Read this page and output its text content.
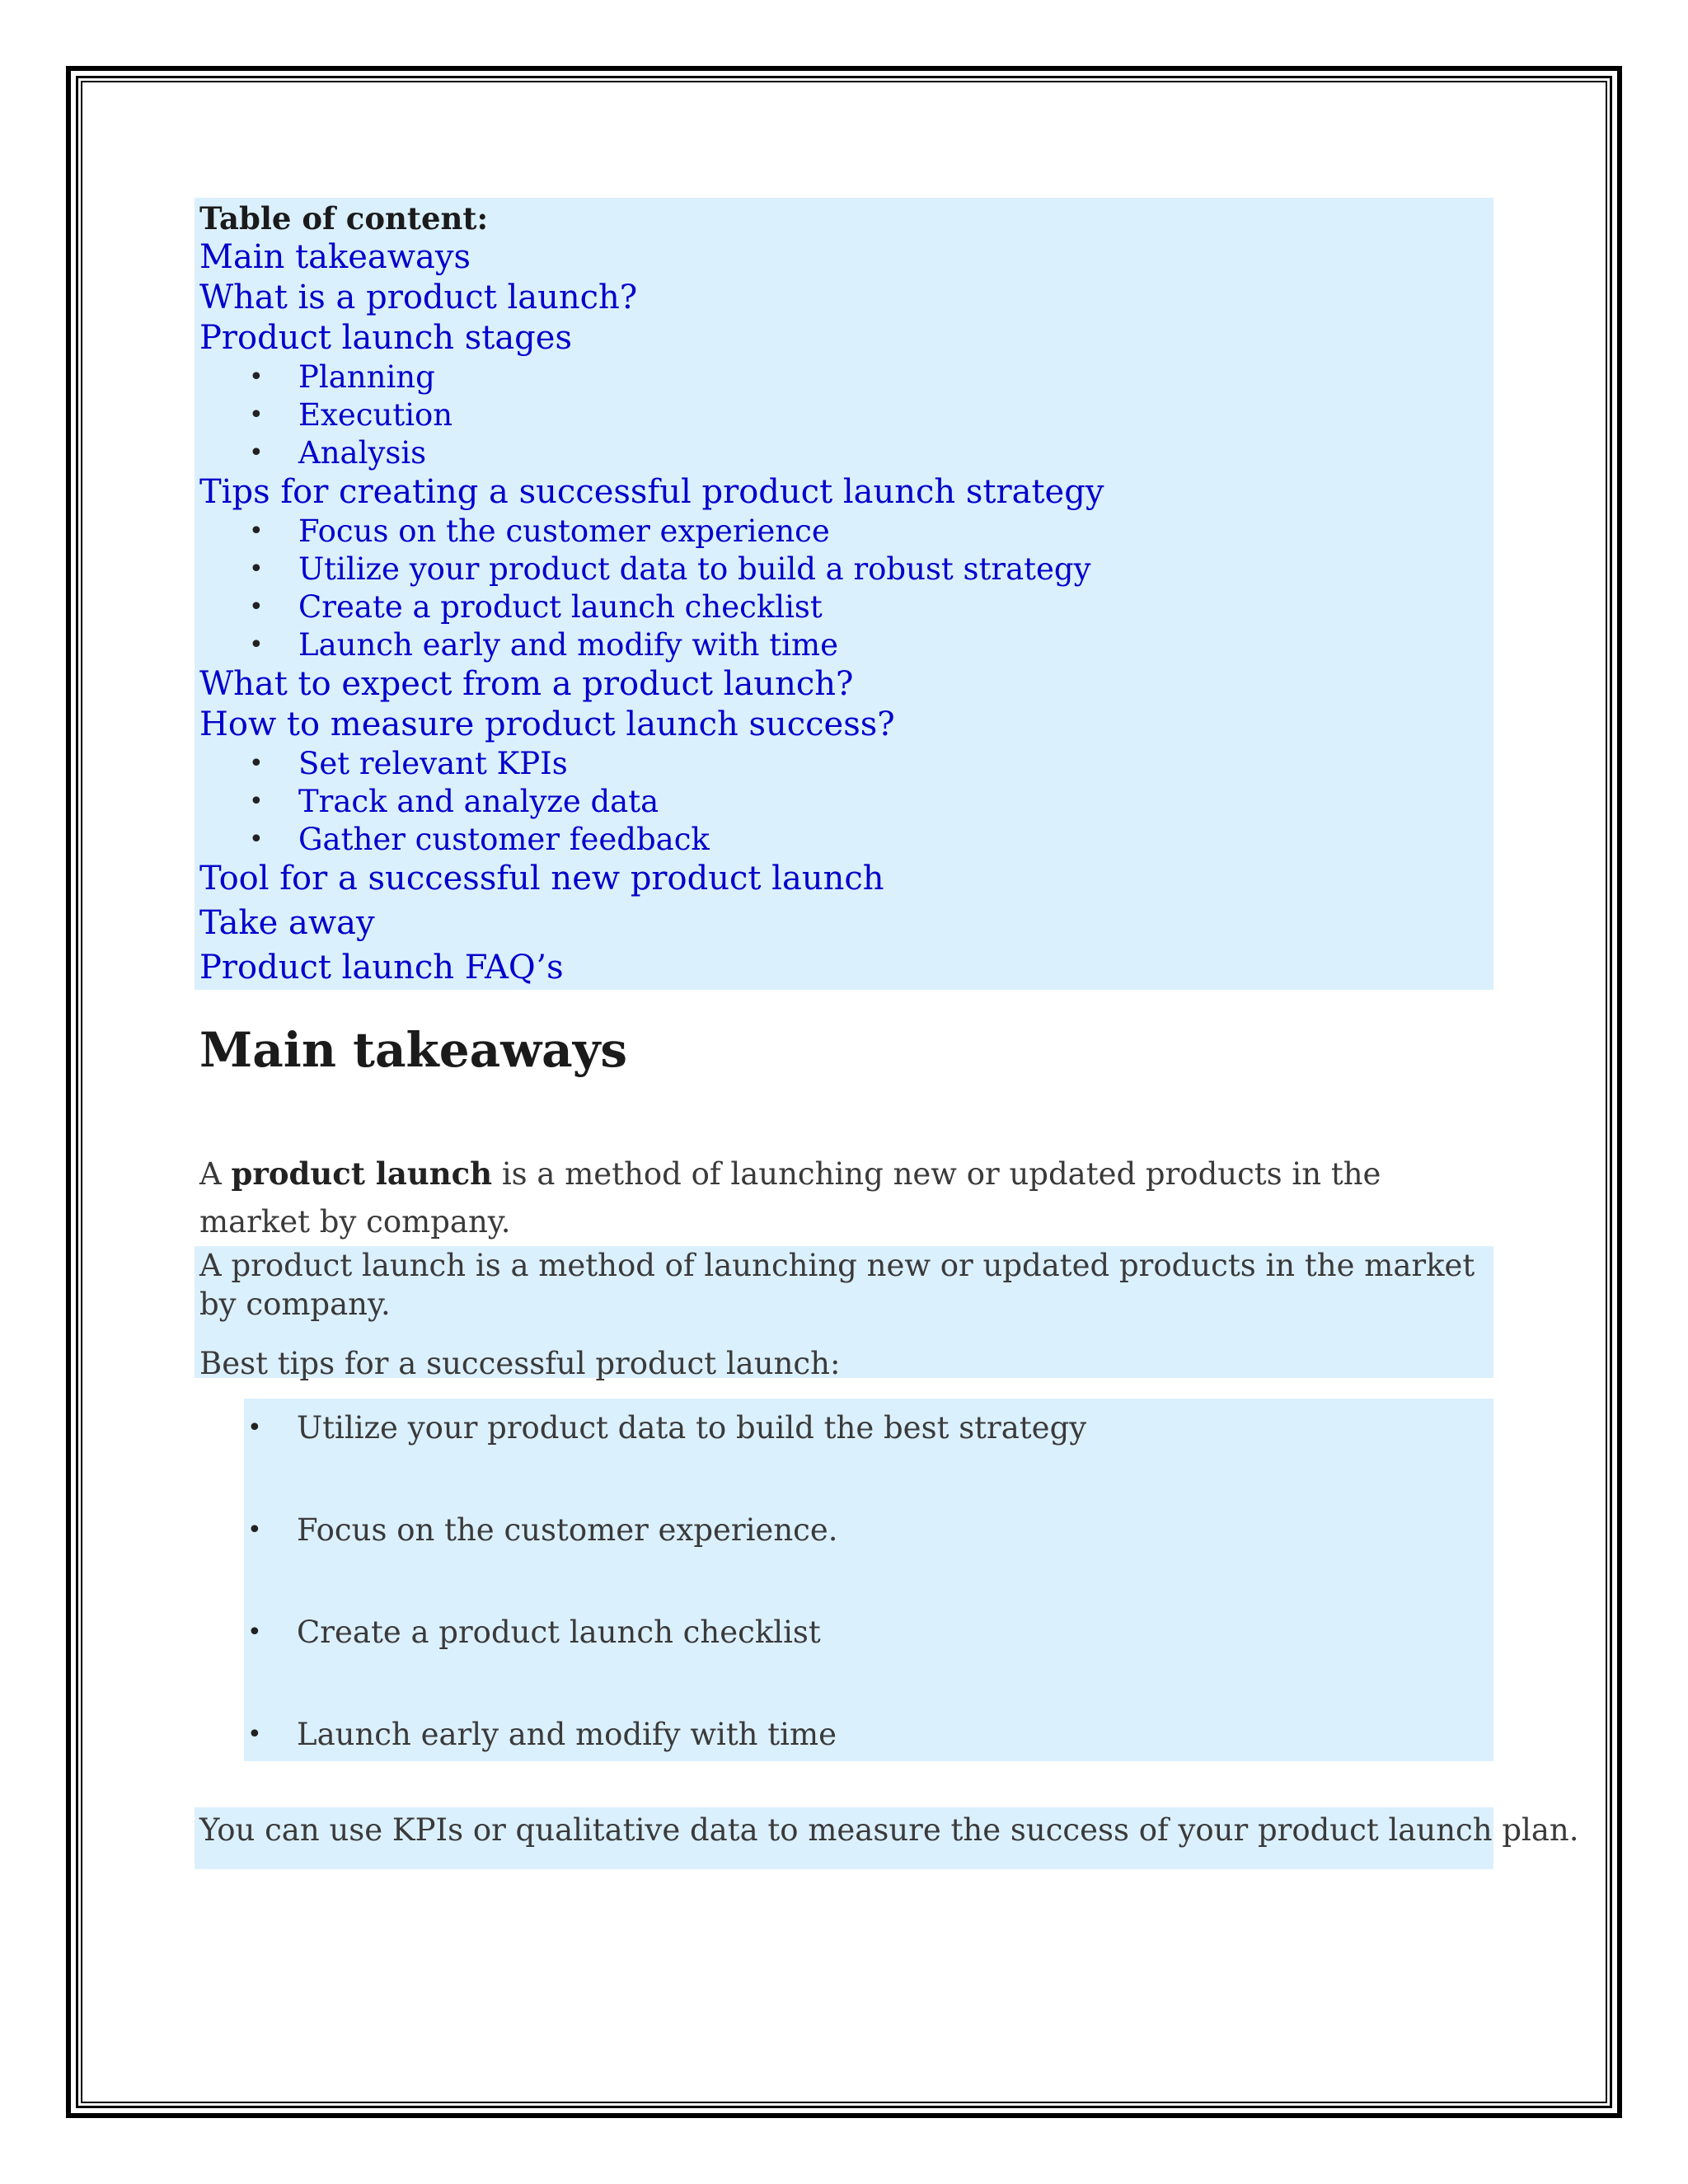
Table of content:
Main takeaways
What is a product launch?
Product launch stages
• Planning
• Execution
• Analysis
Tips for creating a successful product launch strategy
• Focus on the customer experience
• Utilize your product data to build a robust strategy
• Create a product launch checklist
• Launch early and modify with time
What to expect from a product launch?
How to measure product launch success?
• Set relevant KPIs
• Track and analyze data
• Gather customer feedback
Tool for a successful new product launch
Take away
Product launch FAQ’s
Main takeaways
A product launch is a method of launching new or updated products in the market by company.
A product launch is a method of launching new or updated products in the market by company.
Best tips for a successful product launch:
• Utilize your product data to build the best strategy
• Focus on the customer experience.
• Create a product launch checklist
• Launch early and modify with time
You can use KPIs or qualitative data to measure the success of your product launch plan.
